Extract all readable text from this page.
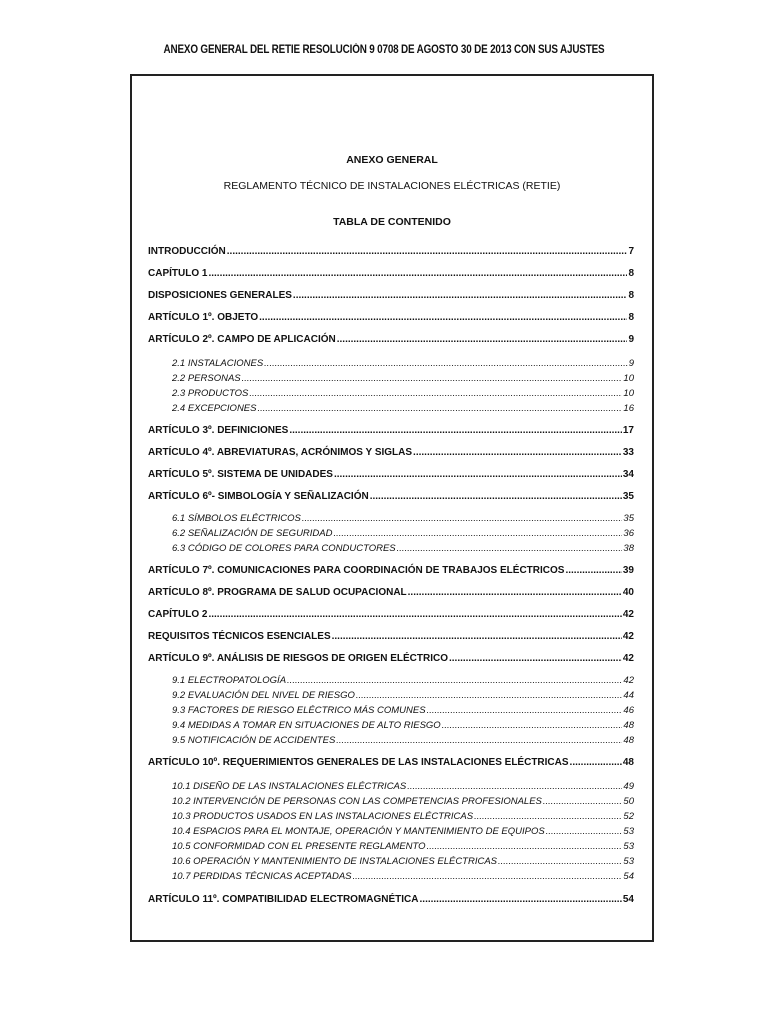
ANEXO GENERAL DEL RETIE RESOLUCIÓN 9 0708 DE AGOSTO 30 DE 2013 CON SUS AJUSTES
ANEXO GENERAL
REGLAMENTO TÉCNICO DE INSTALACIONES ELÉCTRICAS (RETIE)
TABLA DE CONTENIDO
INTRODUCCIÓN .....	7
CAPÍTULO 1 .....	8
DISPOSICIONES GENERALES .....	8
ARTÍCULO 1º. OBJETO .....	8
ARTÍCULO 2º. CAMPO DE APLICACIÓN .....	9
2.1 INSTALACIONES .....	9
2.2 PERSONAS .....	10
2.3 PRODUCTOS .....	10
2.4 EXCEPCIONES .....	16
ARTÍCULO 3º. DEFINICIONES .....	17
ARTÍCULO 4º. ABREVIATURAS, ACRÓNIMOS Y SIGLAS .....	33
ARTÍCULO 5º. SISTEMA DE UNIDADES .....	34
ARTÍCULO 6º- SIMBOLOGÍA Y SEÑALIZACIÓN .....	35
6.1 SÍMBOLOS ELÉCTRICOS .....	35
6.2 SEÑALIZACIÓN DE SEGURIDAD .....	36
6.3 CÓDIGO DE COLORES PARA CONDUCTORES .....	38
ARTÍCULO 7º. COMUNICACIONES PARA COORDINACIÓN DE TRABAJOS ELÉCTRICOS .....	39
ARTÍCULO 8º. PROGRAMA DE SALUD OCUPACIONAL .....	40
CAPÍTULO 2 .....	42
REQUISITOS TÉCNICOS ESENCIALES .....	42
ARTÍCULO 9º. ANÁLISIS DE RIESGOS DE ORIGEN ELÉCTRICO .....	42
9.1 ELECTROPATOLOGÍA .....	42
9.2 EVALUACIÓN DEL NIVEL DE RIESGO .....	44
9.3 FACTORES DE RIESGO ELÉCTRICO MÁS COMUNES .....	46
9.4 MEDIDAS A TOMAR EN SITUACIONES DE ALTO RIESGO .....	48
9.5 NOTIFICACIÓN DE ACCIDENTES .....	48
ARTÍCULO 10º. REQUERIMIENTOS GENERALES DE LAS INSTALACIONES ELÉCTRICAS .....	48
10.1 DISEÑO DE LAS INSTALACIONES ELÉCTRICAS .....	49
10.2 INTERVENCIÓN DE PERSONAS CON LAS COMPETENCIAS PROFESIONALES .....	50
10.3 PRODUCTOS USADOS EN LAS INSTALACIONES ELÉCTRICAS .....	52
10.4 ESPACIOS PARA EL MONTAJE, OPERACIÓN Y MANTENIMIENTO DE EQUIPOS .....	53
10.5 CONFORMIDAD CON EL PRESENTE REGLAMENTO .....	53
10.6 OPERACIÓN Y MANTENIMIENTO DE INSTALACIONES ELÉCTRICAS .....	53
10.7 PERDIDAS TÉCNICAS ACEPTADAS .....	54
ARTÍCULO 11º. COMPATIBILIDAD ELECTROMAGNÉTICA .....	54
